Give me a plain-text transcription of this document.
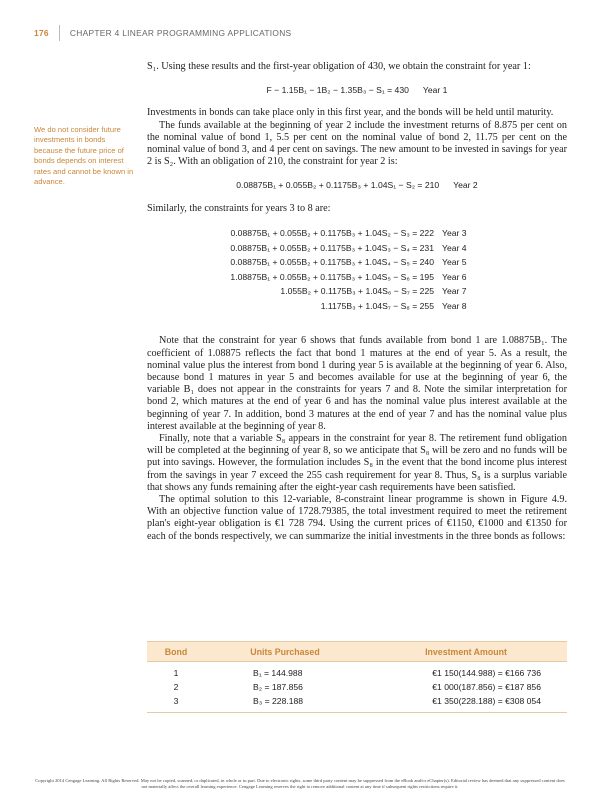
176	CHAPTER 4 LINEAR PROGRAMMING APPLICATIONS
We do not consider future investments in bonds because the future price of bonds depends on interest rates and cannot be known in advance.

S₁. Using these results and the first-year obligation of 430, we obtain the constraint for year 1:

F − 1.15B₁ − 1B₂ − 1.35B₃ − S₁ = 430 Year 1

Investments in bonds can take place only in this first year, and the bonds will be held until maturity.

The funds available at the beginning of year 2 include the investment returns of 8.875 per cent on the nominal value of bond 1, 5.5 per cent on the nominal value of bond 2, 11.75 per cent on the nominal value of bond 3, and 4 per cent on savings. The new amount to be invested in savings for year 2 is S₂. With an obligation of 210, the constraint for year 2 is:

0.08875B₁ + 0.055B₂ + 0.1175B₃ + 1.04S₁ − S₂ = 210 Year 2

Similarly, the constraints for years 3 to 8 are:

0.08875B₁ + 0.055B₂ + 0.1175B₃ + 1.04S₂ − S₃ = 222 Year 3
0.08875B₁ + 0.055B₂ + 0.1175B₃ + 1.04S₃ − S₄ = 231 Year 4
0.08875B₁ + 0.055B₂ + 0.1175B₃ + 1.04S₄ − S₅ = 240 Year 5
1.08875B₁ + 0.055B₂ + 0.1175B₃ + 1.04S₅ − S₆ = 195 Year 6
1.055B₂ + 0.1175B₃ + 1.04S₆ − S₇ = 225 Year 7
1.1175B₃ + 1.04S₇ − S₈ = 255 Year 8

Note that the constraint for year 6 shows that funds available from bond 1 are 1.08875B₁. The coefficient of 1.08875 reflects the fact that bond 1 matures at the end of year 5. As a result, the nominal value plus the interest from bond 1 during year 5 is available at the beginning of year 6. Also, because bond 1 matures in year 5 and becomes available for use at the beginning of year 6, the variable B₁ does not appear in the constraints for years 7 and 8. Note the similar interpretation for bond 2, which matures at the end of year 6 and has the nominal value plus interest available at the beginning of year 7. In addition, bond 3 matures at the end of year 7 and has the nominal value plus interest available at the beginning of year 8.

Finally, note that a variable S₈ appears in the constraint for year 8. The retirement fund obligation will be completed at the beginning of year 8, so we anticipate that S₈ will be zero and no funds will be put into savings. However, the formulation includes S₈ in the event that the bond income plus interest from the savings in year 7 exceed the 255 cash requirement for year 8. Thus, S₈ is a surplus variable that shows any funds remaining after the eight-year cash requirements have been satisfied.

The optimal solution to this 12-variable, 8-constraint linear programme is shown in Figure 4.9. With an objective function value of 1728.79385, the total investment required to meet the retirement plan's eight-year obligation is €1 728 794. Using the current prices of €1150, €1000 and €1350 for each of the bonds respectively, we can summarize the initial investments in the three bonds as follows:

Bond	Units Purchased	Investment Amount
1	B₁ = 144.988	€1 150(144.988) = €166 736
2	B₂ = 187.856	€1 000(187.856) = €187 856
3	B₃ = 228.188	€1 350(228.188) = €308 054
Copyright 2014 Cengage Learning. All Rights Reserved. May not be copied, scanned, or duplicated, in whole or in part. Due to electronic rights, some third party content may be suppressed from the eBook and/or eChapter(s). Editorial review has deemed that any suppressed content does not materially affect the overall learning experience. Cengage Learning reserves the right to remove additional content at any time if subsequent rights restrictions require it.
